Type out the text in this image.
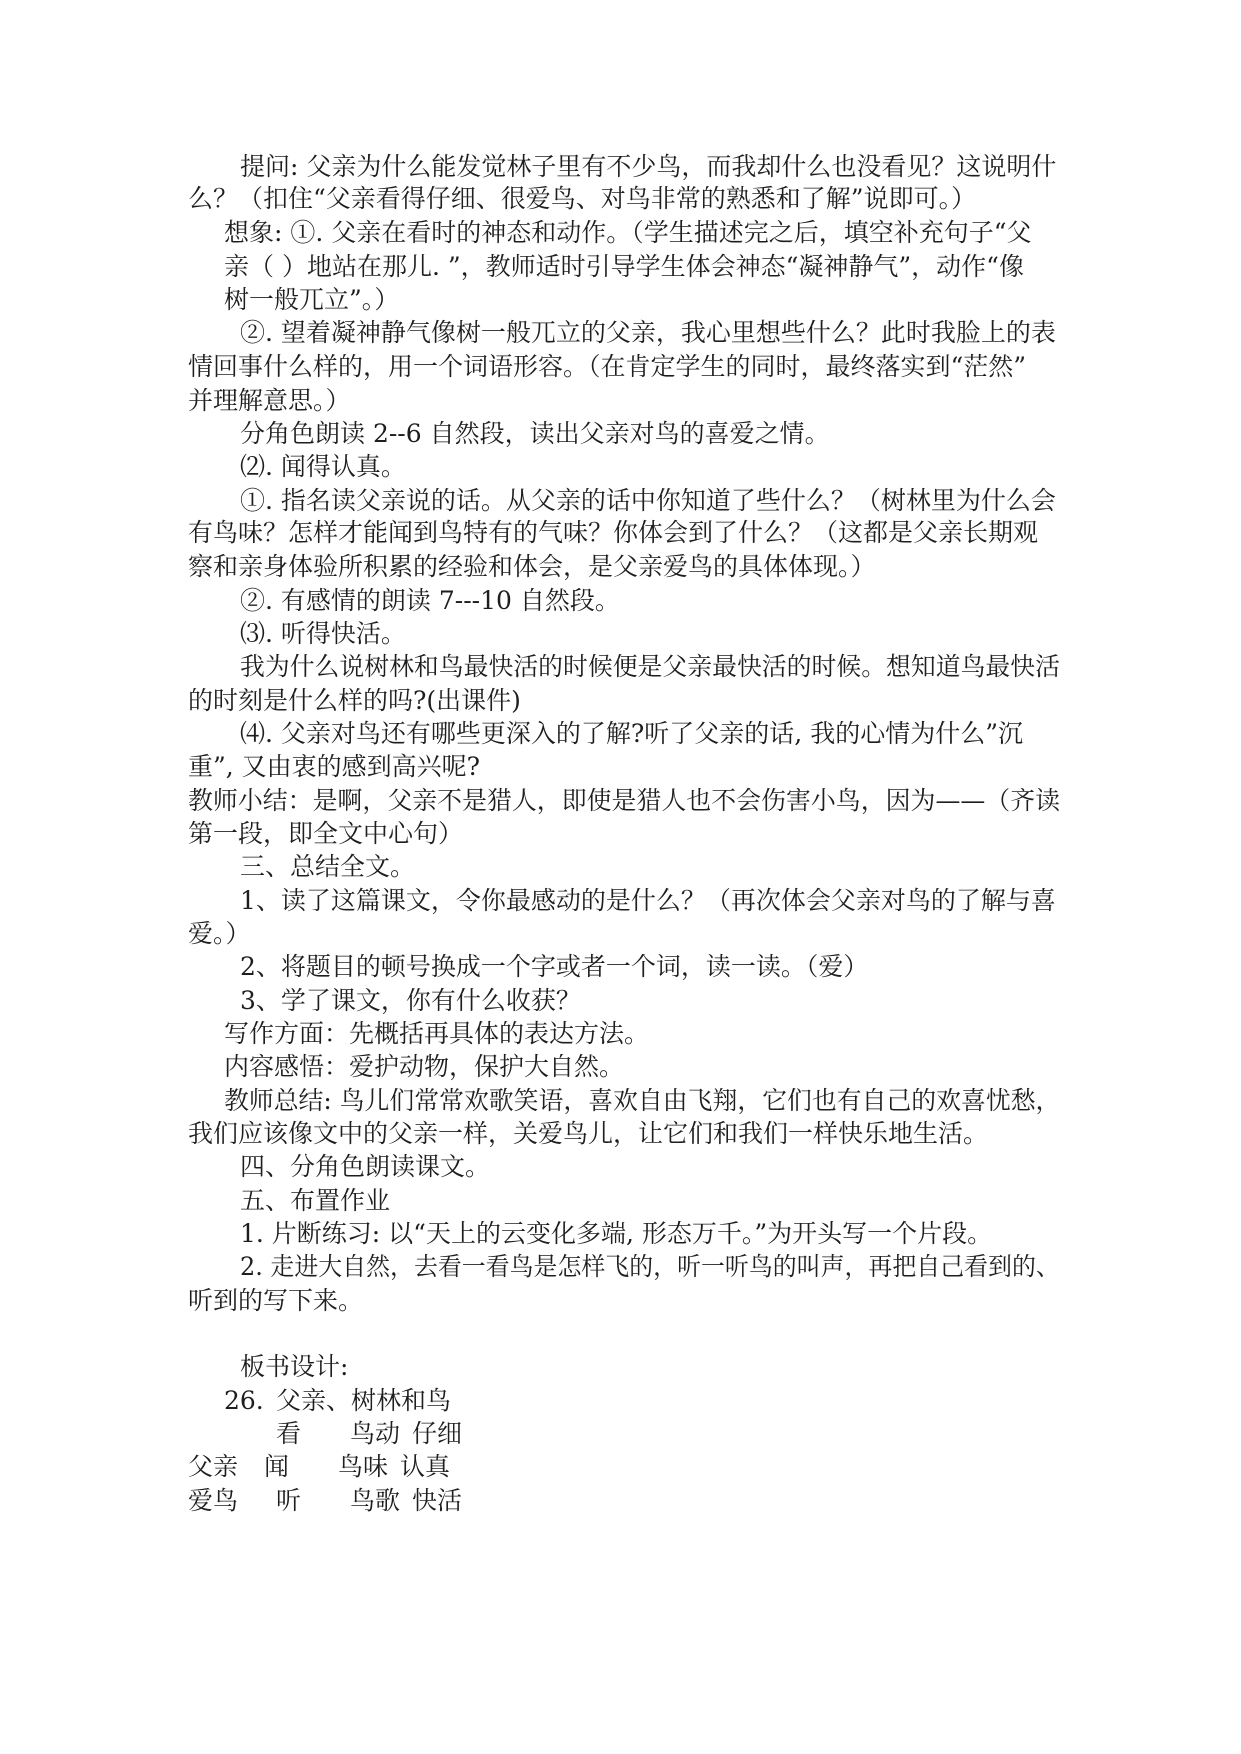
提问: 父亲为什么能发觉林子里有不少鸟，而我却什么也没看见？这说明什
么？（扣住“父亲看得仔细、很爱鸟、对鸟非常的熟悉和了解”说即可。）
想象: ①. 父亲在看时的神态和动作。（学生描述完之后，填空补充句子“父
亲（ ）地站在那儿. ”，教师适时引导学生体会神态“凝神静气”，动作“像
树一般兀立”。）
②. 望着凝神静气像树一般兀立的父亲，我心里想些什么？此时我脸上的表
情回事什么样的，用一个词语形容。（在肯定学生的同时，最终落实到“茫然”
并理解意思。）
分角色朗读 2--6 自然段，读出父亲对鸟的喜爱之情。
⑵. 闻得认真。
①. 指名读父亲说的话。从父亲的话中你知道了些什么？（树林里为什么会
有鸟味？怎样才能闻到鸟特有的气味？你体会到了什么？（这都是父亲长期观
察和亲身体验所积累的经验和体会，是父亲爱鸟的具体体现。）
②. 有感情的朗读 7---10 自然段。
⑶. 听得快活。
我为什么说树林和鸟最快活的时候便是父亲最快活的时候。想知道鸟最快活
的时刻是什么样的吗?(出课件)
⑷. 父亲对鸟还有哪些更深入的了解?听了父亲的话, 我的心情为什么”沉
重”, 又由衷的感到高兴呢?
教师小结：是啊，父亲不是猎人，即使是猎人也不会伤害小鸟，因为——（齐读
第一段，即全文中心句）
三、总结全文。
1、读了这篇课文，令你最感动的是什么？（再次体会父亲对鸟的了解与喜
爱。）
2、将题目的顿号换成一个字或者一个词，读一读。（爱）
3、学了课文，你有什么收获？
写作方面：先概括再具体的表达方法。
内容感悟：爱护动物，保护大自然。
教师总结: 鸟儿们常常欢歌笑语，喜欢自由飞翔，它们也有自己的欢喜忧愁，
我们应该像文中的父亲一样，关爱鸟儿，让它们和我们一样快乐地生活。
四、分角色朗读课文。
五、布置作业
1. 片断练习: 以“天上的云变化多端, 形态万千。”为开头写一个片段。
2. 走进大自然，去看一看鸟是怎样飞的，听一听鸟的叫声，再把自己看到的、
听到的写下来。
板书设计:
26. 父亲、树林和鸟
看 鸟动 仔细
父亲 闻 鸟味 认真
爱鸟 听 鸟歌 快活
